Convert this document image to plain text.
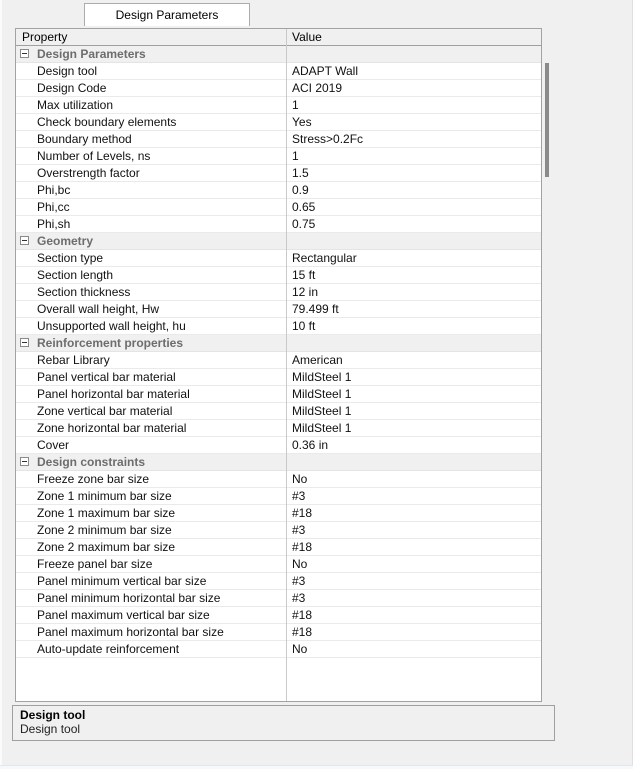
Design Parameters
Property	Value
Design Parameters
Design tool	ADAPT Wall
Design Code	ACI 2019
Max utilization	1
Check boundary elements	Yes
Boundary method	Stress>0.2Fc
Number of Levels, ns	1
Overstrength factor	1.5
Phi,bc	0.9
Phi,cc	0.65
Phi,sh	0.75
Geometry
Section type	Rectangular
Section length	15 ft
Section thickness	12 in
Overall wall height, Hw	79.499 ft
Unsupported wall height, hu	10 ft
Reinforcement properties
Rebar Library	American
Panel vertical bar material	MildSteel 1
Panel horizontal bar material	MildSteel 1
Zone vertical bar material	MildSteel 1
Zone horizontal bar material	MildSteel 1
Cover	0.36 in
Design constraints
Freeze zone bar size	No
Zone 1 minimum bar size	#3
Zone 1 maximum bar size	#18
Zone 2 minimum bar size	#3
Zone 2 maximum bar size	#18
Freeze panel bar size	No
Panel minimum vertical bar size	#3
Panel minimum horizontal bar size	#3
Panel maximum vertical bar size	#18
Panel maximum horizontal bar size	#18
Auto-update reinforcement	No
Design tool
Design tool
